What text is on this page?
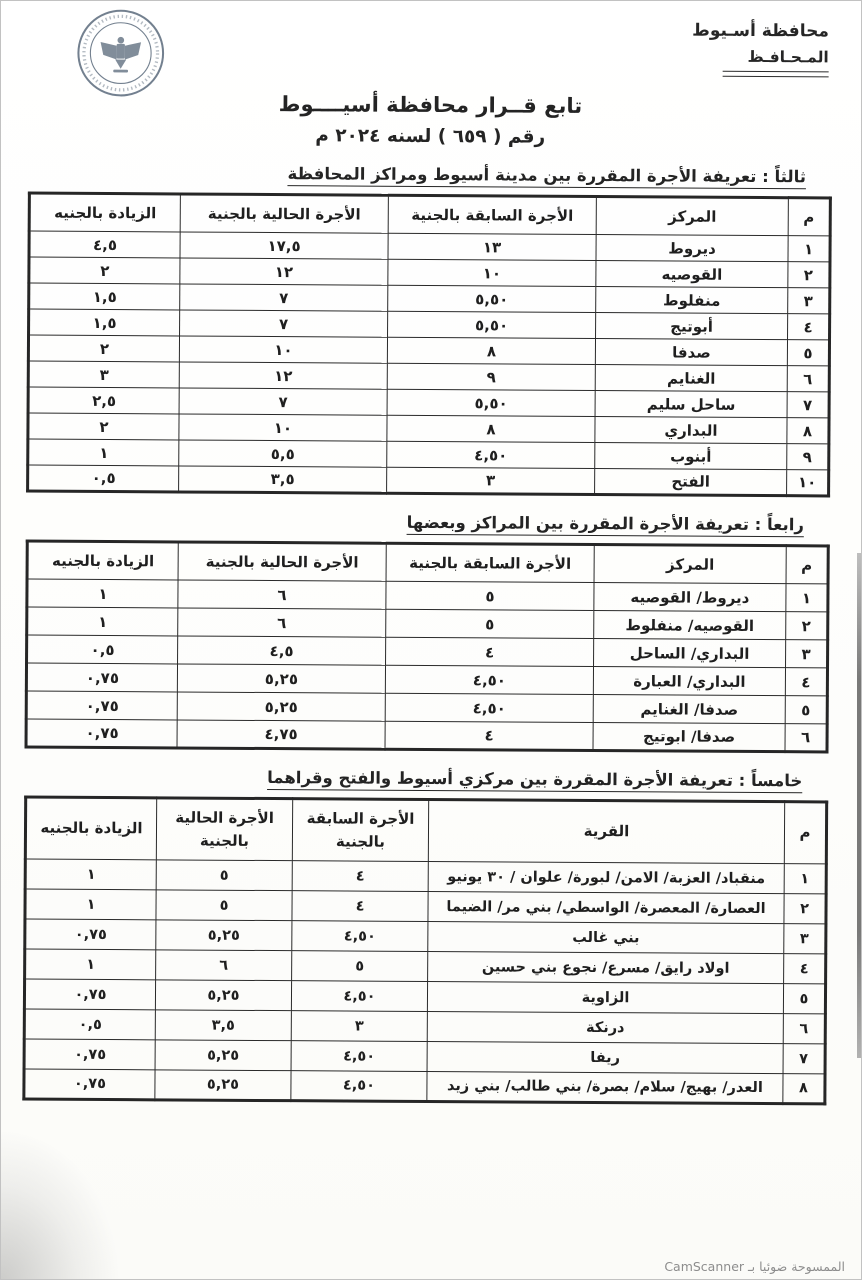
محافظة أسـيوط
المـحـافـظ
تابع قــرار محافظة أسيــــوط
رقم ( ٦٥٩ ) لسنه ٢٠٢٤ م
ثالثاً : تعريفة الأجرة المقررة بين مدينة أسيوط ومراكز المحافظة
م	المركز	الأجرة السابقة بالجنية	الأجرة الحالية بالجنية	الزيادة بالجنيه
١	ديروط	١٣	١٧,٥	٤,٥
٢	القوصيه	١٠	١٢	٢
٣	منفلوط	٥,٥٠	٧	١,٥
٤	أبوتيج	٥,٥٠	٧	١,٥
٥	صدفا	٨	١٠	٢
٦	الغنايم	٩	١٢	٣
٧	ساحل سليم	٥,٥٠	٧	٢,٥
٨	البداري	٨	١٠	٢
٩	أبنوب	٤,٥٠	٥,٥	١
١٠	الفتح	٣	٣,٥	٠,٥
رابعاً : تعريفة الأجرة المقررة بين المراكز وبعضها
م	المركز	الأجرة السابقة بالجنية	الأجرة الحالية بالجنية	الزيادة بالجنيه
١	ديروط/ القوصيه	٥	٦	١
٢	القوصيه/ منفلوط	٥	٦	١
٣	البداري/ الساحل	٤	٤,٥	٠,٥
٤	البداري/ العبارة	٤,٥٠	٥,٢٥	٠,٧٥
٥	صدفا/ الغنايم	٤,٥٠	٥,٢٥	٠,٧٥
٦	صدفا/ ابوتيج	٤	٤,٧٥	٠,٧٥
خامساً : تعريفة الأجرة المقررة بين مركزي أسيوط والفتح وقراهما
م	القرية	الأجرة السابقة بالجنية	الأجرة الحالية بالجنية	الزيادة بالجنيه
١	منقباد/ العزبة/ الامن/ لبورة/ علوان / ٣٠ يونيو	٤	٥	١
٢	العصارة/ المعصرة/ الواسطي/ بني مر/ الضيما	٤	٥	١
٣	بني غالب	٤,٥٠	٥,٢٥	٠,٧٥
٤	اولاد رايق/ مسرع/ نجوع بني حسين	٥	٦	١
٥	الزاوية	٤,٥٠	٥,٢٥	٠,٧٥
٦	درنكة	٣	٣,٥	٠,٥
٧	ريفا	٤,٥٠	٥,٢٥	٠,٧٥
٨	العدر/ بهيج/ سلام/ بصرة/ بني طالب/ بني زيد	٤,٥٠	٥,٢٥	٠,٧٥
الممسوحة ضوئيا بـ CamScanner
